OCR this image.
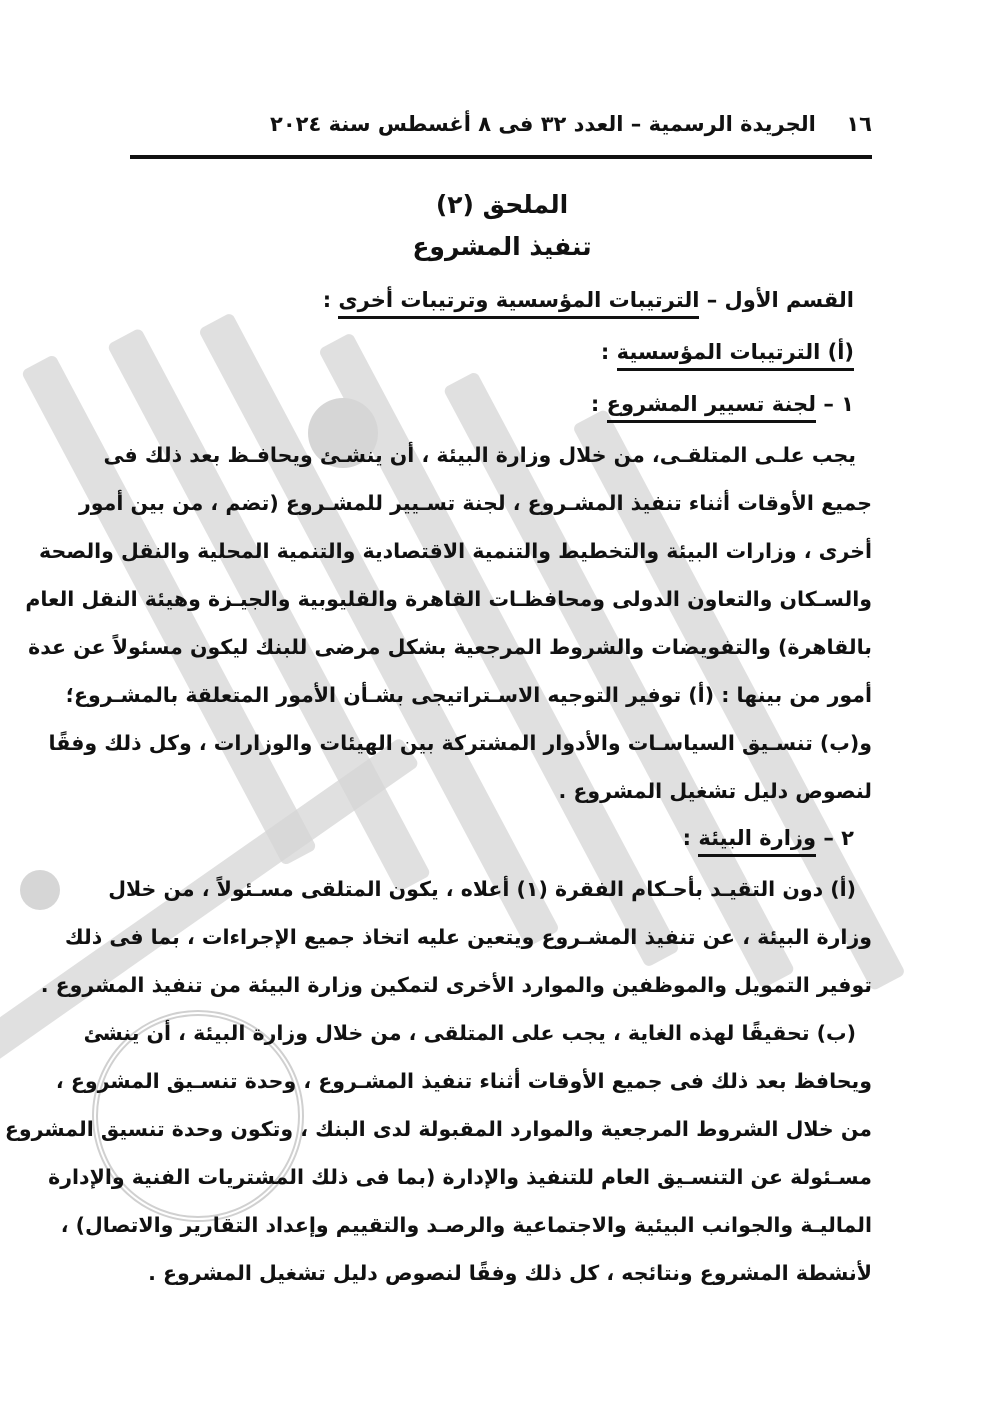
١٦
الجريدة الرسمية – العدد ٣٢ فى ٨ أغسطس سنة ٢٠٢٤
الملحق (٢)
تنفيذ المشروع
القسم الأول – الترتيبات المؤسسية وترتيبات أخرى :
(أ) الترتيبات المؤسسية :
١ – لجنة تسيير المشروع :
يجب علـى المتلقـى، من خلال وزارة البيئة ، أن ينشـئ ويحافـظ بعد ذلك فى
جميع الأوقات أثناء تنفيذ المشـروع ، لجنة تسـيير للمشـروع (تضم ، من بين أمور
أخرى ، وزارات البيئة والتخطيط والتنمية الاقتصادية والتنمية المحلية والنقل والصحة
والسـكان والتعاون الدولى ومحافظـات القاهرة والقليوبية والجيـزة وهيئة النقل العام
بالقاهرة) والتفويضات والشروط المرجعية بشكل مرضى للبنك ليكون مسئولاً عن عدة
أمور من بينها : (أ) توفير التوجيه الاسـتراتيجى بشـأن الأمور المتعلقة بالمشـروع؛
و(ب) تنسـيق السياسـات والأدوار المشتركة بين الهيئات والوزارات ، وكل ذلك وفقًا
لنصوص دليل تشغيل المشروع .
٢ – وزارة البيئة :
(أ) دون التقيـد بأحـكام الفقرة (١) أعلاه ، يكون المتلقى مسـئولاً ، من خلال
وزارة البيئة ، عن تنفيذ المشـروع ويتعين عليه اتخاذ جميع الإجراءات ، بما فى ذلك
توفير التمويل والموظفين والموارد الأخرى لتمكين وزارة البيئة من تنفيذ المشروع .
(ب) تحقيقًا لهذه الغاية ، يجب على المتلقى ، من خلال وزارة البيئة ، أن ينشئ
ويحافظ بعد ذلك فى جميع الأوقات أثناء تنفيذ المشـروع ، وحدة تنسـيق المشروع ،
من خلال الشروط المرجعية والموارد المقبولة لدى البنك ، وتكون وحدة تنسيق المشروع
مسـئولة عن التنسـيق العام للتنفيذ والإدارة (بما فى ذلك المشتريات الفنية والإدارة
الماليـة والجوانب البيئية والاجتماعية والرصـد والتقييم وإعداد التقارير والاتصال) ،
لأنشطة المشروع ونتائجه ، كل ذلك وفقًا لنصوص دليل تشغيل المشروع .
